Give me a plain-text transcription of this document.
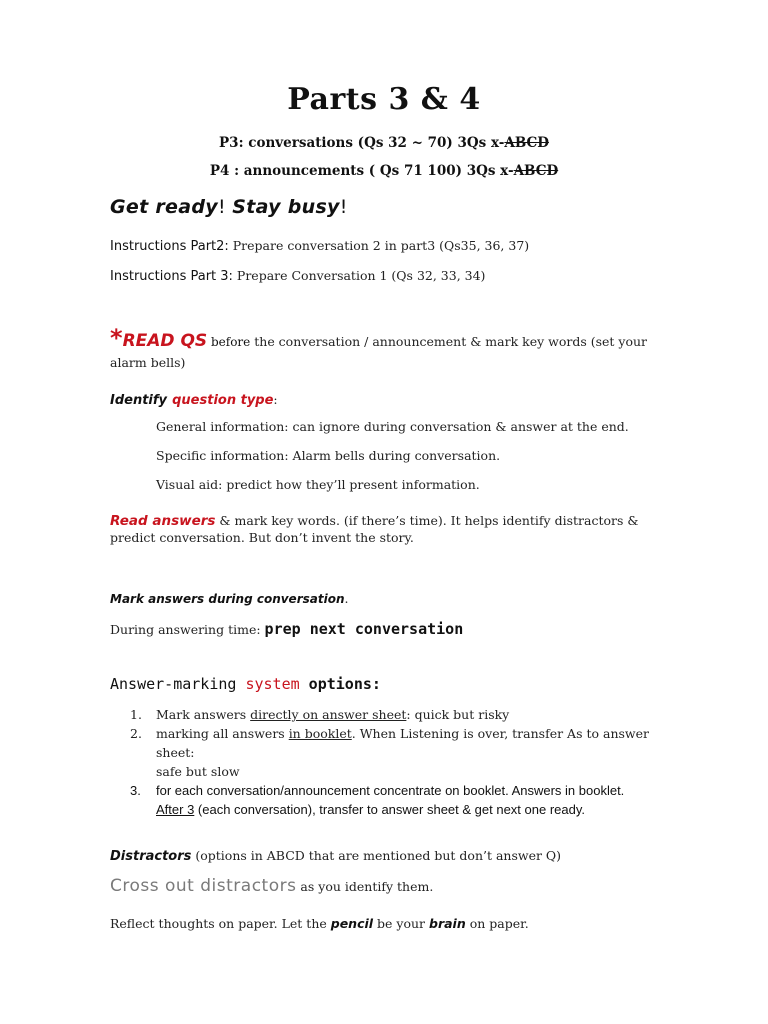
Parts 3 & 4
P3: conversations (Qs 32 ~ 70) 3Qs x-ABCD
P4 : announcements ( Qs 71 100) 3Qs x-ABCD
Get ready! Stay busy!
Instructions Part2: Prepare conversation 2 in part3 (Qs35, 36, 37)
Instructions Part 3: Prepare Conversation 1 (Qs 32, 33, 34)
*READ QS before the conversation / announcement & mark key words (set your
alarm bells)
Identify question type:
General information: can ignore during conversation & answer at the end.
Specific information: Alarm bells during conversation.
Visual aid: predict how they’ll present information.
Read answers & mark key words. (if there’s time). It helps identify distractors &
predict conversation. But don’t invent the story.
Mark answers during conversation.
During answering time: prep next conversation
Answer-marking system options:
1. Mark answers directly on answer sheet: quick but risky
2. marking all answers in booklet. When Listening is over, transfer As to answer sheet:
safe but slow
3. for each conversation/announcement concentrate on booklet. Answers in booklet.
After 3 (each conversation), transfer to answer sheet & get next one ready.
Distractors (options in ABCD that are mentioned but don’t answer Q)
Cross out distractors as you identify them.
Reflect thoughts on paper. Let the pencil be your brain on paper.
